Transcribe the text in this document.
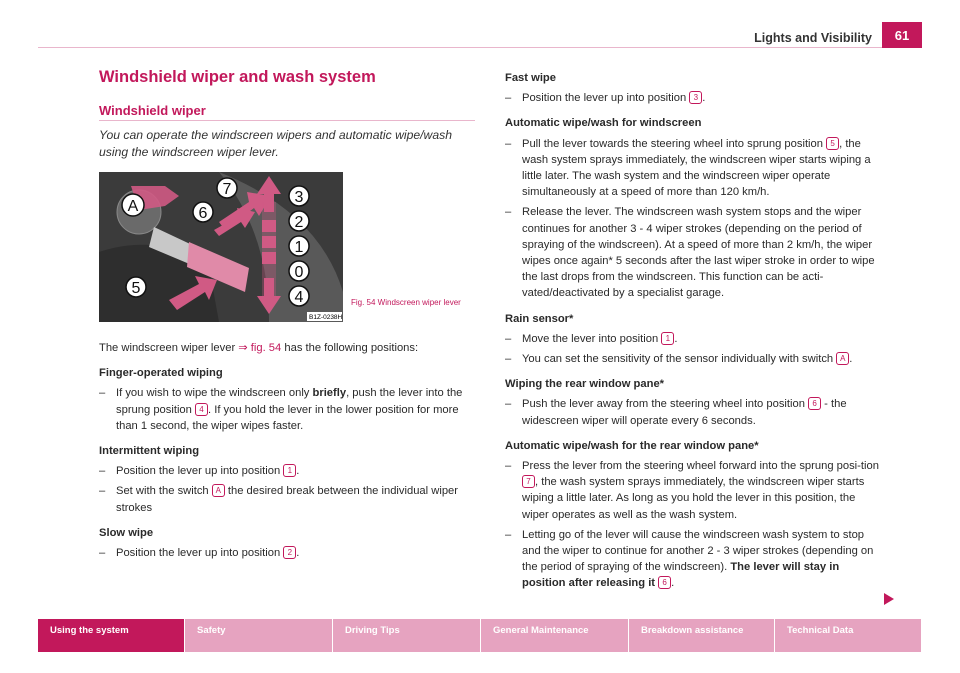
Lights and Visibility	61
Windshield wiper and wash system
Windshield wiper
You can operate the windscreen wipers and automatic wipe/wash using the windscreen wiper lever.
A
7
6
3
2
1
0
4
5
B1Z-0238H
Fig. 54 Windscreen wiper lever

The windscreen wiper lever ⇒ fig. 54 has the following positions:

Finger-operated wiping

– If you wish to wipe the windscreen only briefly, push the lever into the sprung position 4 . If you hold the lever in the lower position for more than 1 second, the wiper wipes faster.

Intermittent wiping

– Position the lever up into position 1 .
– Set with the switch A the desired break between the individual wiper strokes

Slow wipe

– Position the lever up into position 2 .

Fast wipe

– Position the lever up into position 3 .

Automatic wipe/wash for windscreen

– Pull the lever towards the steering wheel into sprung position 5 , the wash system sprays immediately, the windscreen wiper starts wiping a little later. The wash system and the windscreen wiper operate simultaneously at a speed of more than 120 km/h.
– Release the lever. The windscreen wash system stops and the wiper continues for another 3 - 4 wiper strokes (depending on the period of spraying of the windscreen). At a speed of more than 2 km/h, the wiper wipes once again* 5 seconds after the last wiper stroke in order to wipe the last drops from the windscreen. This function can be acti-vated/deactivated by a specialist garage.

Rain sensor*

– Move the lever into position 1 .
– You can set the sensitivity of the sensor individually with switch A .

Wiping the rear window pane*

– Push the lever away from the steering wheel into position 6 - the widescreen wiper will operate every 6 seconds.

Automatic wipe/wash for the rear window pane*

– Press the lever from the steering wheel forward into the sprung posi-tion 7 , the wash system sprays immediately, the windscreen wiper starts wiping a little later. As long as you hold the lever in this position, the wiper operates as well as the wash system.
– Letting go of the lever will cause the windscreen wash system to stop and the wiper to continue for another 2 - 3 wiper strokes (depending on the period of spraying of the windscreen). The lever will stay in position after releasing it 6 .
Using the system	Safety	Driving Tips	General Maintenance	Breakdown assistance	Technical Data
